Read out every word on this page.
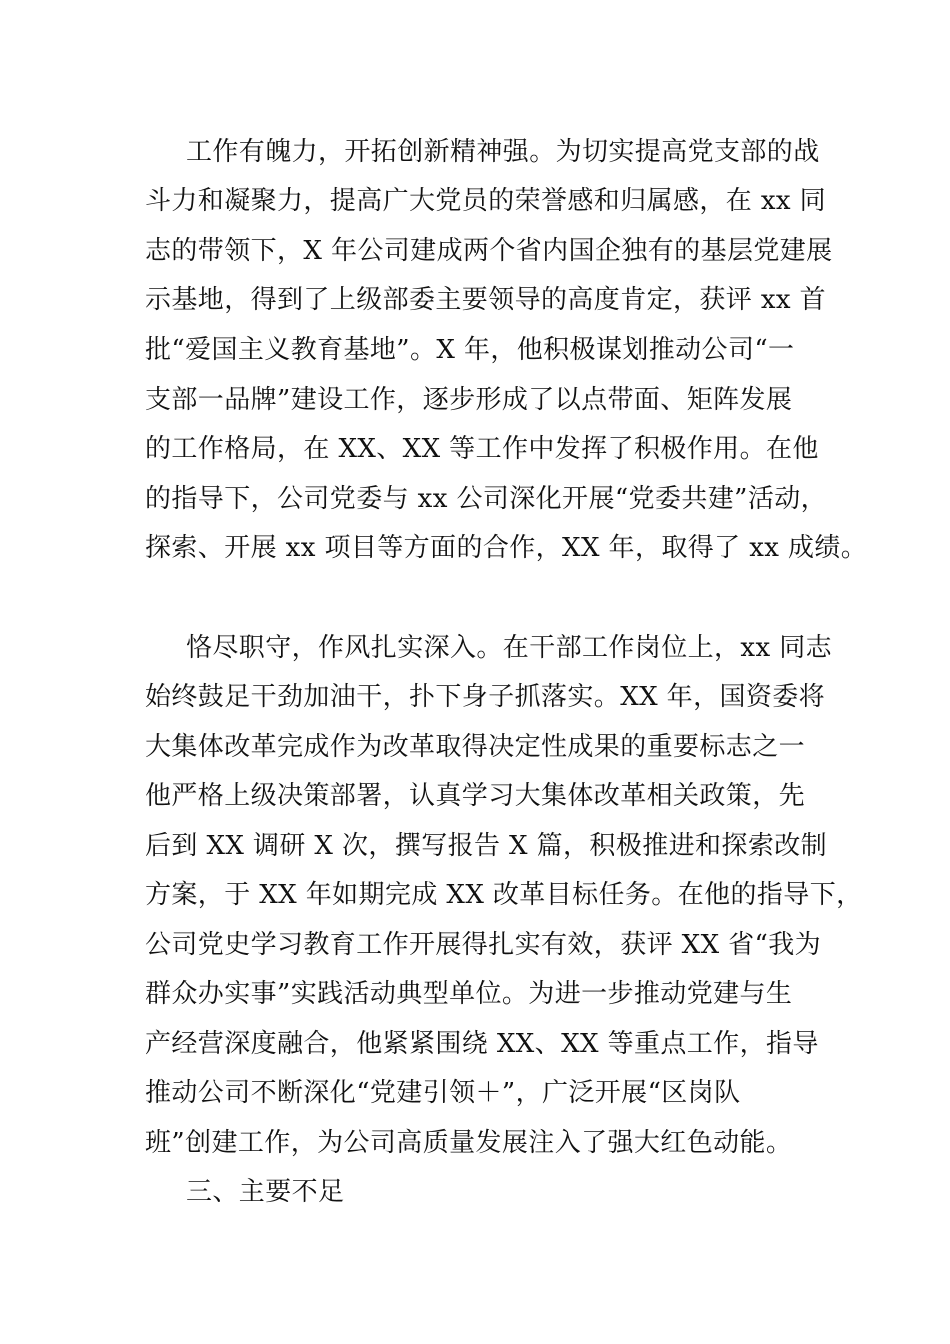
工作有魄力，开拓创新精神强。为切实提高党支部的战
斗力和凝聚力，提高广大党员的荣誉感和归属感，在 xx 同
志的带领下，X 年公司建成两个省内国企独有的基层党建展
示基地，得到了上级部委主要领导的高度肯定，获评 xx 首
批“爱国主义教育基地”。X 年，他积极谋划推动公司“一
支部一品牌”建设工作，逐步形成了以点带面、矩阵发展
的工作格局，在 XX、XX 等工作中发挥了积极作用。在他
的指导下，公司党委与 xx 公司深化开展“党委共建”活动，
探索、开展 xx 项目等方面的合作，XX 年，取得了 xx 成绩。
恪尽职守，作风扎实深入。在干部工作岗位上，xx 同志
始终鼓足干劲加油干，扑下身子抓落实。XX 年，国资委将
大集体改革完成作为改革取得决定性成果的重要标志之一
他严格上级决策部署，认真学习大集体改革相关政策，先
后到 XX 调研 X 次，撰写报告 X 篇，积极推进和探索改制
方案，于 XX 年如期完成 XX 改革目标任务。在他的指导下，
公司党史学习教育工作开展得扎实有效，获评 XX 省“我为
群众办实事”实践活动典型单位。为进一步推动党建与生
产经营深度融合，他紧紧围绕 XX、XX 等重点工作，指导
推动公司不断深化“党建引领＋”，广泛开展“区岗队
班”创建工作，为公司高质量发展注入了强大红色动能。
三、主要不足
